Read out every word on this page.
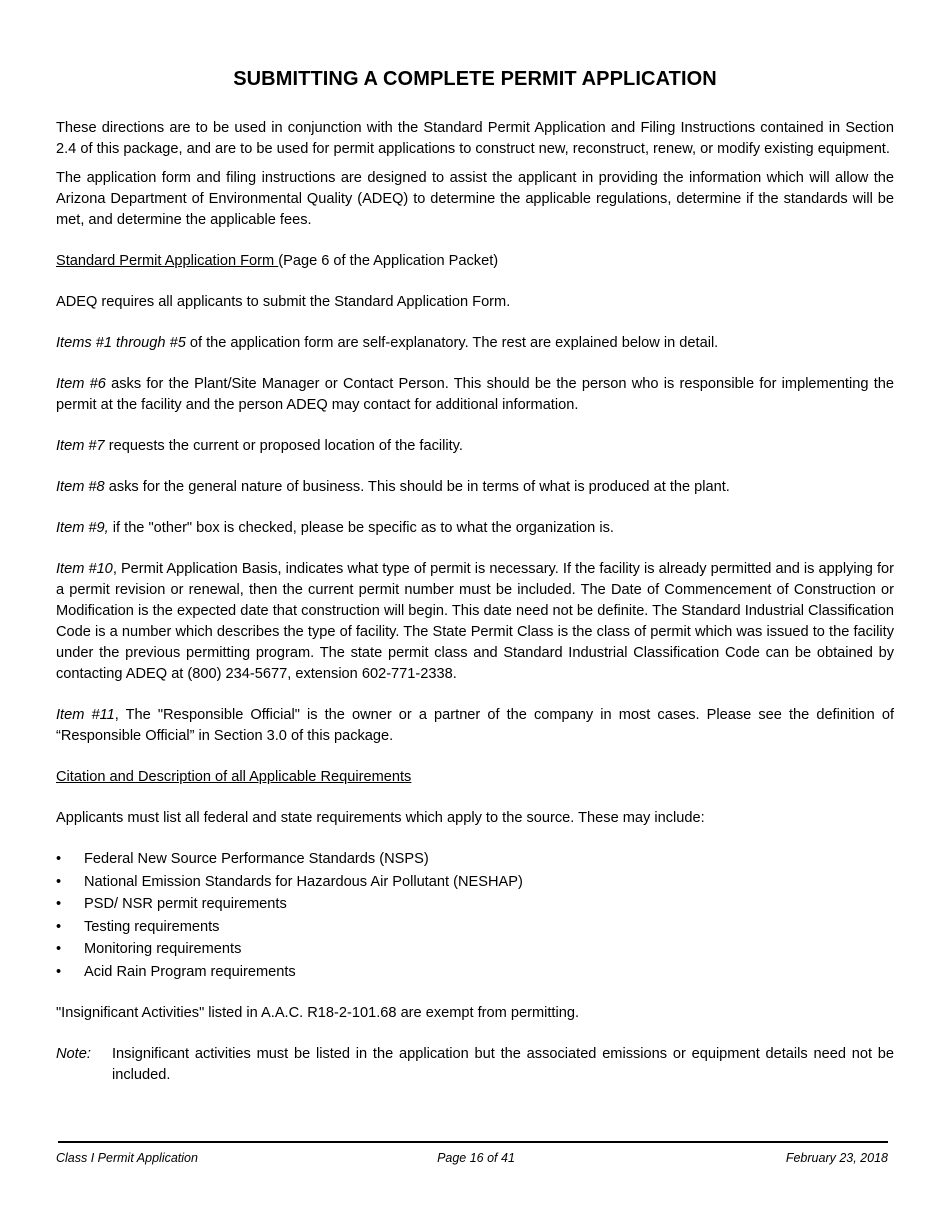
SUBMITTING A COMPLETE PERMIT APPLICATION

These directions are to be used in conjunction with the Standard Permit Application and Filing Instructions contained in Section 2.4 of this package, and are to be used for permit applications to construct new, reconstruct, renew, or modify existing equipment.

The application form and filing instructions are designed to assist the applicant in providing the information which will allow the Arizona Department of Environmental Quality (ADEQ) to determine the applicable regulations, determine if the standards will be met, and determine the applicable fees.

Standard Permit Application Form (Page 6 of the Application Packet)

ADEQ requires all applicants to submit the Standard Application Form.

Items #1 through #5 of the application form are self-explanatory. The rest are explained below in detail.

Item #6 asks for the Plant/Site Manager or Contact Person. This should be the person who is responsible for implementing the permit at the facility and the person ADEQ may contact for additional information.

Item #7 requests the current or proposed location of the facility.

Item #8 asks for the general nature of business. This should be in terms of what is produced at the plant.

Item #9, if the "other" box is checked, please be specific as to what the organization is.

Item #10, Permit Application Basis, indicates what type of permit is necessary. If the facility is already permitted and is applying for a permit revision or renewal, then the current permit number must be included. The Date of Commencement of Construction or Modification is the expected date that construction will begin. This date need not be definite. The Standard Industrial Classification Code is a number which describes the type of facility. The State Permit Class is the class of permit which was issued to the facility under the previous permitting program. The state permit class and Standard Industrial Classification Code can be obtained by contacting ADEQ at (800) 234-5677, extension 602-771-2338.

Item #11, The "Responsible Official" is the owner or a partner of the company in most cases. Please see the definition of “Responsible Official” in Section 3.0 of this package.

Citation and Description of all Applicable Requirements

Applicants must list all federal and state requirements which apply to the source. These may include:

• Federal New Source Performance Standards (NSPS)
• National Emission Standards for Hazardous Air Pollutant (NESHAP)
• PSD/ NSR permit requirements
• Testing requirements
• Monitoring requirements
• Acid Rain Program requirements

"Insignificant Activities" listed in A.A.C. R18-2-101.68 are exempt from permitting.

Note:	Insignificant activities must be listed in the application but the associated emissions or equipment details need not be included.
Class I Permit Application	Page 16 of 41	February 23, 2018
